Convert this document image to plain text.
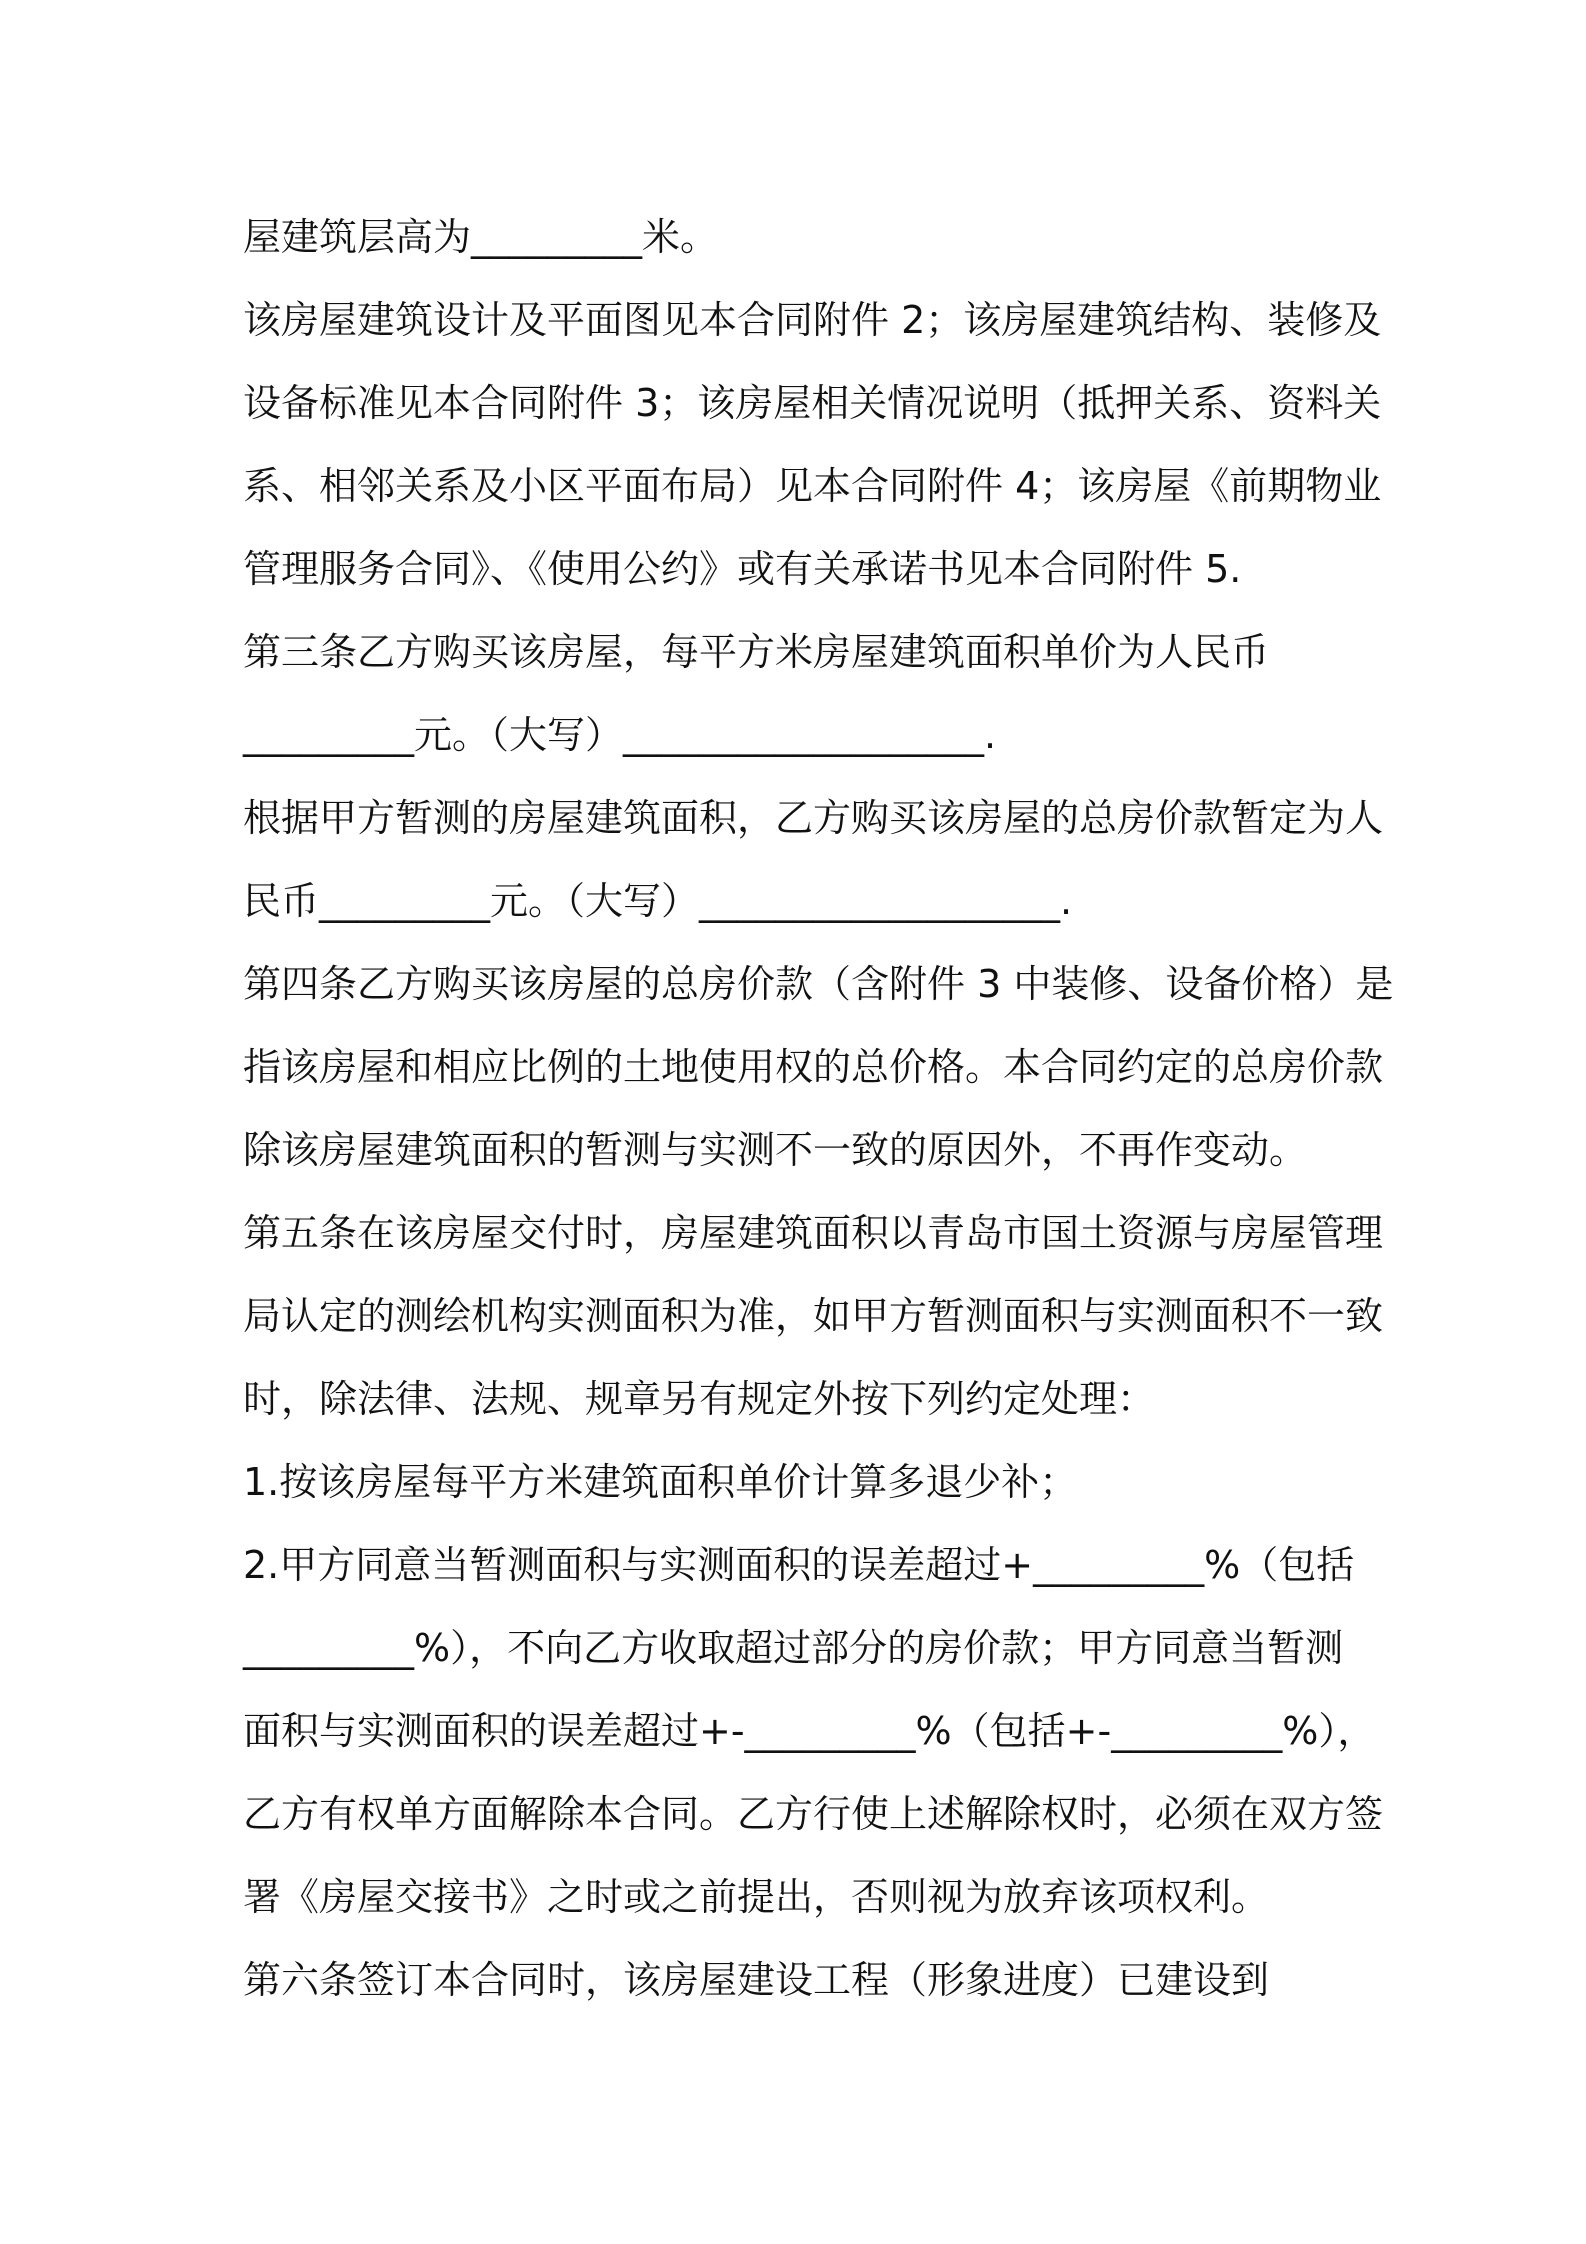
屋建筑层高为_________米。
该房屋建筑设计及平面图见本合同附件 2；该房屋建筑结构、装修及
设备标准见本合同附件 3；该房屋相关情况说明（抵押关系、资料关
系、相邻关系及小区平面布局）见本合同附件 4；该房屋《前期物业
管理服务合同》、《使用公约》或有关承诺书见本合同附件 5.
第三条乙方购买该房屋，每平方米房屋建筑面积单价为人民币
_________元。（大写）___________________.
根据甲方暂测的房屋建筑面积，乙方购买该房屋的总房价款暂定为人
民币_________元。（大写）___________________.
第四条乙方购买该房屋的总房价款（含附件 3 中装修、设备价格）是
指该房屋和相应比例的土地使用权的总价格。本合同约定的总房价款
除该房屋建筑面积的暂测与实测不一致的原因外，不再作变动。
第五条在该房屋交付时，房屋建筑面积以青岛市国土资源与房屋管理
局认定的测绘机构实测面积为准，如甲方暂测面积与实测面积不一致
时，除法律、法规、规章另有规定外按下列约定处理：
1.按该房屋每平方米建筑面积单价计算多退少补；
2.甲方同意当暂测面积与实测面积的误差超过+_________%（包括
_________%），不向乙方收取超过部分的房价款；甲方同意当暂测
面积与实测面积的误差超过+-_________%（包括+-_________%），
乙方有权单方面解除本合同。乙方行使上述解除权时，必须在双方签
署《房屋交接书》之时或之前提出，否则视为放弃该项权利。
第六条签订本合同时，该房屋建设工程（形象进度）已建设到
